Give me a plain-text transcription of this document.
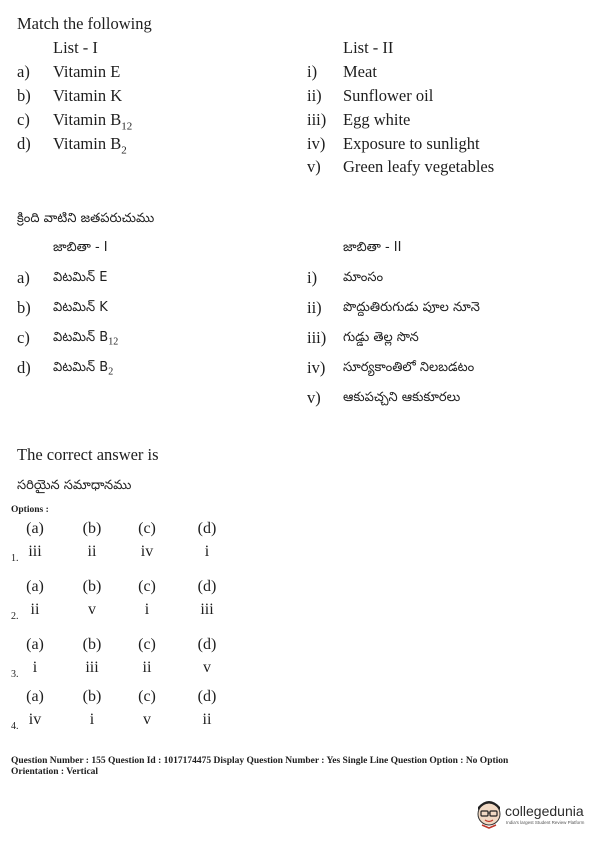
Match the following
List - I	List - II
a) Vitamin E
b) Vitamin K
c) Vitamin $B_{12}$
d) Vitamin $B_2$
i) Meat
ii) Sunflower oil
iii) Egg white
iv) Exposure to sunlight
v) Green leafy vegetables
క్రింది వాటిని జతపరుచుము
జాబితా - I	జాబితా - II
a) విటమిన్ E
b) విటమిన్ K
c) విటమిన్ $B_{12}$
d) విటమిన్ $B_2$
i) మాంసం
ii) పొద్దుతిరుగుడు పూల నూనె
iii) గుడ్డు తెల్ల సొన
iv) సూర్యకాంతిలో నిలబడటం
v) ఆకుపచ్చని ఆకుకూరలు
The correct answer is
సరియైన సమాధానము
Options :
(a)	(b)	(c)	(d)
iii	ii	iv	i
1.
(a)	(b)	(c)	(d)
ii	v	i	iii
2.
(a)	(b)	(c)	(d)
i	iii	ii	v
3.
(a)	(b)	(c)	(d)
iv	i	v	ii
4.
Question Number : 155 Question Id : 1017174475 Display Question Number : Yes Single Line Question Option : No Option
Orientation : Vertical
collegedunia
India's largest Student Review Platform
